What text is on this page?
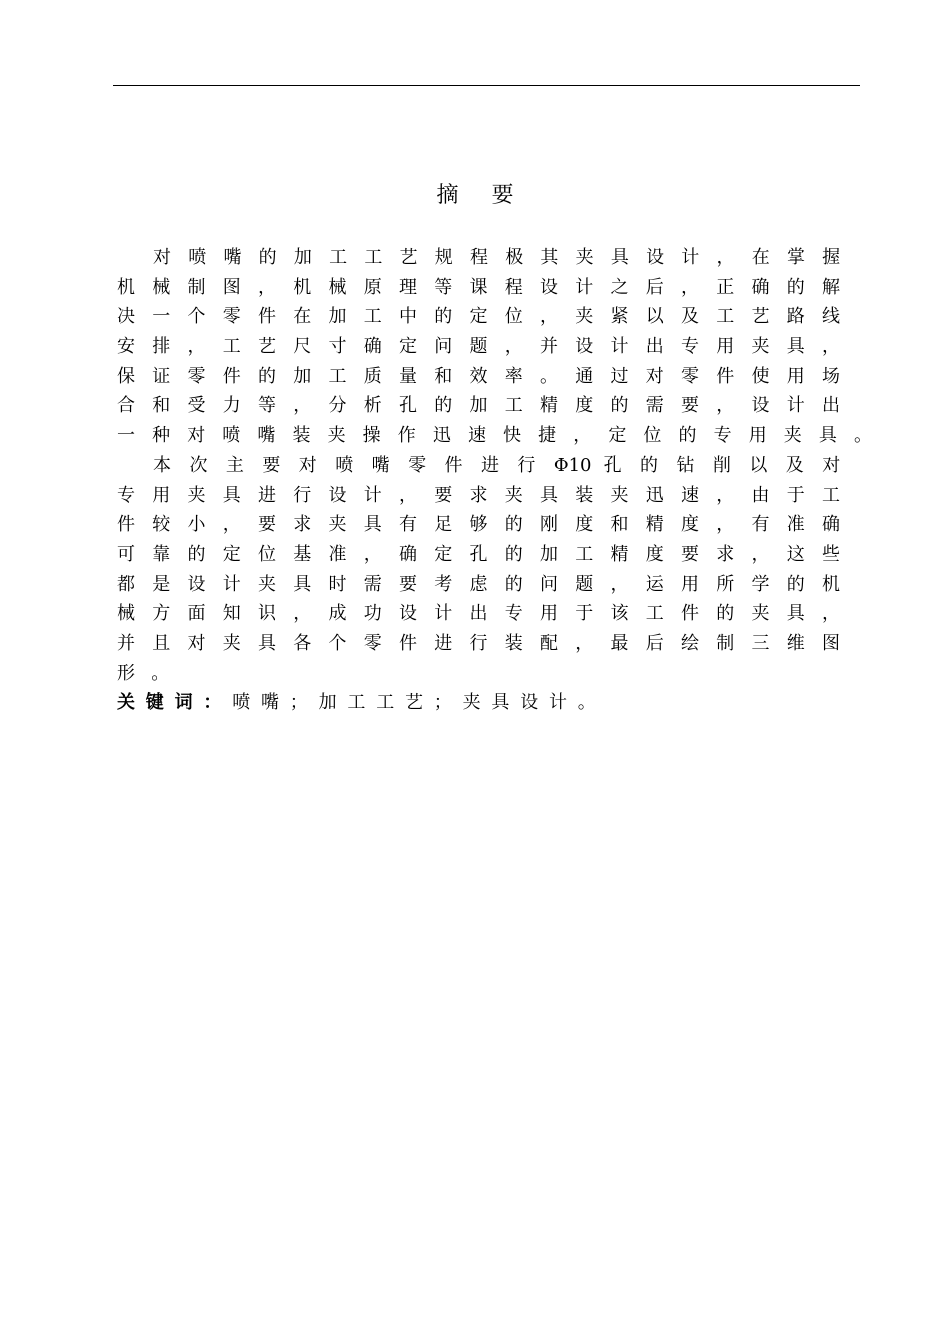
摘要
对 喷 嘴 的 加 工 工 艺 规 程 极 其 夹 具 设 计 ， 在 掌 握
机 械 制 图 ， 机 械 原 理 等 课 程 设 计 之 后 ， 正 确 的 解
决 一 个 零 件 在 加 工 中 的 定 位 ， 夹 紧 以 及 工 艺 路 线
安 排 ， 工 艺 尺 寸 确 定 问 题 ， 并 设 计 出 专 用 夹 具 ，
保 证 零 件 的 加 工 质 量 和 效 率 。 通 过 对 零 件 使 用 场
合 和 受 力 等 ， 分 析 孔 的 加 工 精 度 的 需 要 ， 设 计 出
一 种 对 喷 嘴 装 夹 操 作 迅 速 快 捷 ， 定 位 的 专 用 夹 具 。
本 次 主 要 对 喷 嘴 零 件 进 行 Φ10 孔 的 钻 削 以 及 对
专 用 夹 具 进 行 设 计 ， 要 求 夹 具 装 夹 迅 速 ， 由 于 工
件 较 小 ， 要 求 夹 具 有 足 够 的 刚 度 和 精 度 ， 有 准 确
可 靠 的 定 位 基 准 ， 确 定 孔 的 加 工 精 度 要 求 ， 这 些
都 是 设 计 夹 具 时 需 要 考 虑 的 问 题 ， 运 用 所 学 的 机
械 方 面 知 识 ， 成 功 设 计 出 专 用 于 该 工 件 的 夹 具 ，
并 且 对 夹 具 各 个 零 件 进 行 装 配 ， 最 后 绘 制 三 维 图
形。
关键词：喷嘴；加工工艺；夹具设计。
